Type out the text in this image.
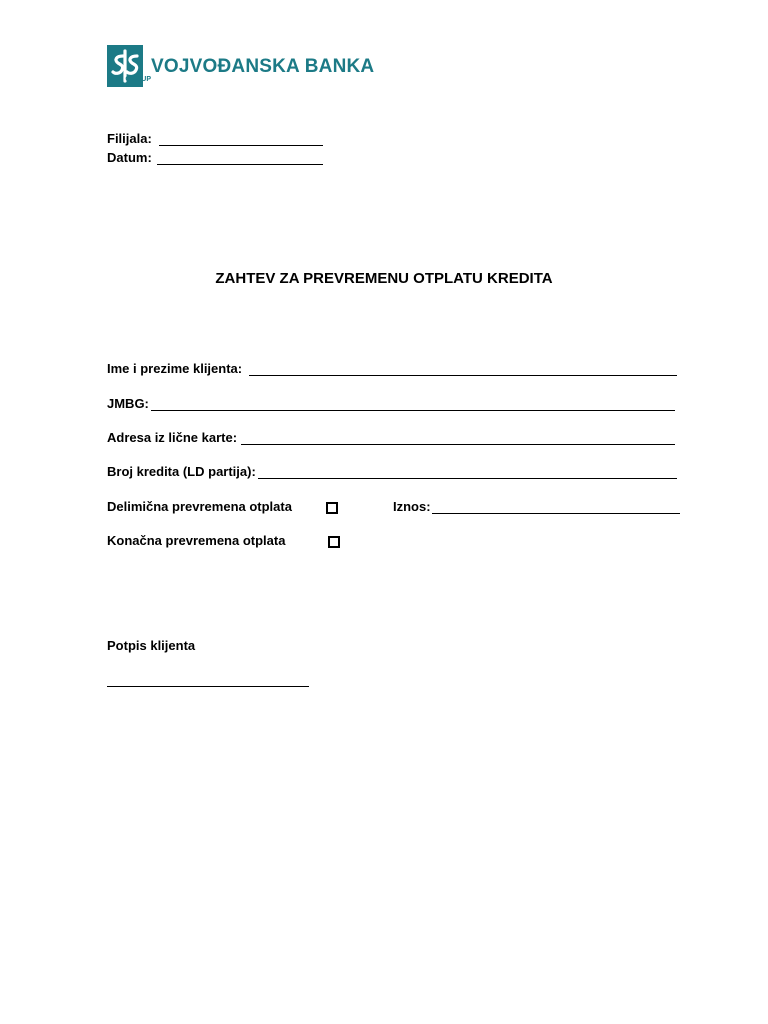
VOJVOĐANSKA BANKA
NBG GROUP
Filijala:
Datum:
ZAHTEV ZA PREVREMENU OTPLATU KREDITA
Ime i prezime klijenta:
JMBG:
Adresa iz lične karte:
Broj kredita (LD partija):
Delimična prevremena otplata	Iznos:
Konačna prevremena otplata
Potpis klijenta
